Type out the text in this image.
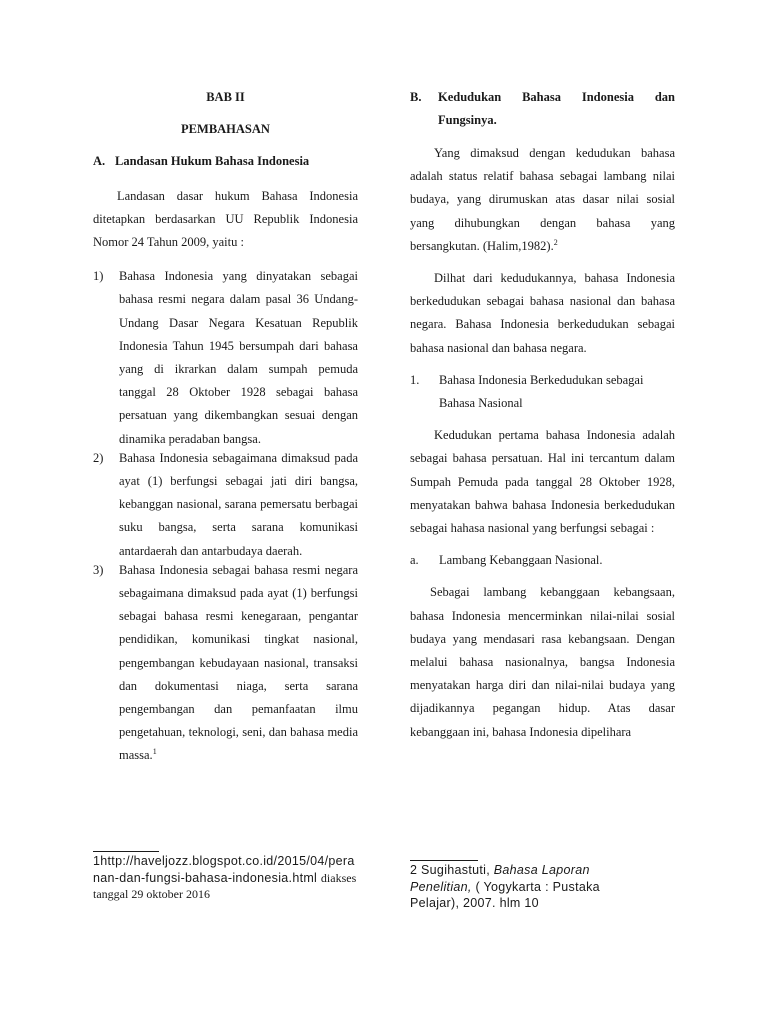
BAB II
PEMBAHASAN
A. Landasan Hukum Bahasa Indonesia

Landasan dasar hukum Bahasa Indonesia ditetapkan berdasarkan UU Republik Indonesia Nomor 24 Tahun 2009, yaitu :

1)	Bahasa Indonesia yang dinyatakan sebagai bahasa resmi negara dalam pasal 36 Undang-Undang Dasar Negara Kesatuan Republik Indonesia Tahun 1945 bersumpah dari bahasa yang di ikrarkan dalam sumpah pemuda tanggal 28 Oktober 1928 sebagai bahasa persatuan yang dikembangkan sesuai dengan dinamika peradaban bangsa.
2)	Bahasa Indonesia sebagaimana dimaksud pada ayat (1) berfungsi sebagai jati diri bangsa, kebanggan nasional, sarana pemersatu berbagai suku bangsa, serta sarana komunikasi antardaerah dan antarbudaya daerah.
3)	Bahasa Indonesia sebagai bahasa resmi negara sebagaimana dimaksud pada ayat (1) berfungsi sebagai bahasa resmi kenegaraan, pengantar pendidikan, komunikasi tingkat nasional, pengembangan kebudayaan nasional, transaksi dan dokumentasi niaga, serta sarana pengembangan dan pemanfaatan ilmu pengetahuan, teknologi, seni, dan bahasa media massa.$^1$
1http://haveljozz.blogspot.co.id/2015/04/peranan-dan-fungsi-bahasa-indonesia.html diakses tanggal 29 oktober 2016
B.	Kedudukan Bahasa Indonesia dan Fungsinya.

Yang dimaksud dengan kedudukan bahasa adalah status relatif bahasa sebagai lambang nilai budaya, yang dirumuskan atas dasar nilai sosial yang dihubungkan dengan bahasa yang bersangkutan. (Halim,1982).$^2$

Dilhat dari kedudukannya, bahasa Indonesia berkedudukan sebagai bahasa nasional dan bahasa negara. Bahasa Indonesia berkedudukan sebagai bahasa nasional dan bahasa negara.

1.	Bahasa Indonesia Berkedudukan sebagai Bahasa Nasional

Kedudukan pertama bahasa Indonesia adalah sebagai bahasa persatuan. Hal ini tercantum dalam Sumpah Pemuda pada tanggal 28 Oktober 1928, menyatakan bahwa bahasa Indonesia berkedudukan sebagai hahasa nasional yang berfungsi sebagai :

a.	Lambang Kebanggaan Nasional.

Sebagai lambang kebanggaan kebangsaan, bahasa Indonesia mencerminkan nilai-nilai sosial budaya yang mendasari rasa kebangsaan. Dengan melalui bahasa nasionalnya, bangsa Indonesia menyatakan harga diri dan nilai-nilai budaya yang dijadikannya pegangan hidup. Atas dasar kebanggaan ini, bahasa Indonesia dipelihara

2 Sugihastuti, Bahasa Laporan Penelitian, ( Yogykarta : Pustaka Pelajar), 2007. hlm 10
